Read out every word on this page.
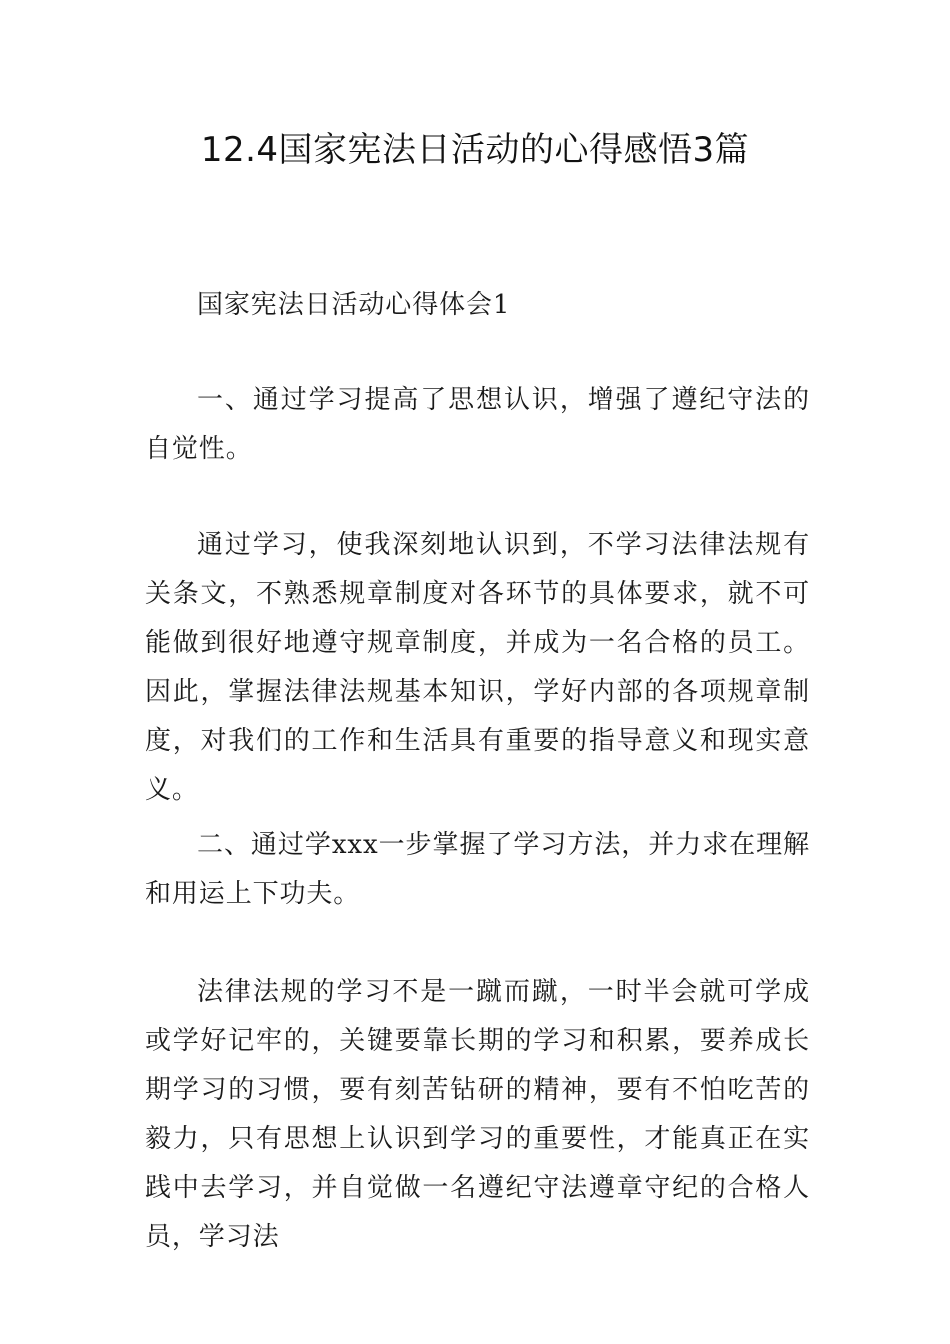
12.4国家宪法日活动的心得感悟3篇

国家宪法日活动心得体会1

一、通过学习提高了思想认识，增强了遵纪守法的自觉性。

通过学习，使我深刻地认识到，不学习法律法规有关条文，不熟悉规章制度对各环节的具体要求，就不可能做到很好地遵守规章制度，并成为一名合格的员工。因此，掌握法律法规基本知识，学好内部的各项规章制度，对我们的工作和生活具有重要的指导意义和现实意义。

二、通过学xxx一步掌握了学习方法，并力求在理解和用运上下功夫。

法律法规的学习不是一蹴而蹴，一时半会就可学成或学好记牢的，关键要靠长期的学习和积累，要养成长期学习的习惯，要有刻苦钻研的精神，要有不怕吃苦的毅力，只有思想上认识到学习的重要性，才能真正在实践中去学习，并自觉做一名遵纪守法遵章守纪的合格人员，学习法
